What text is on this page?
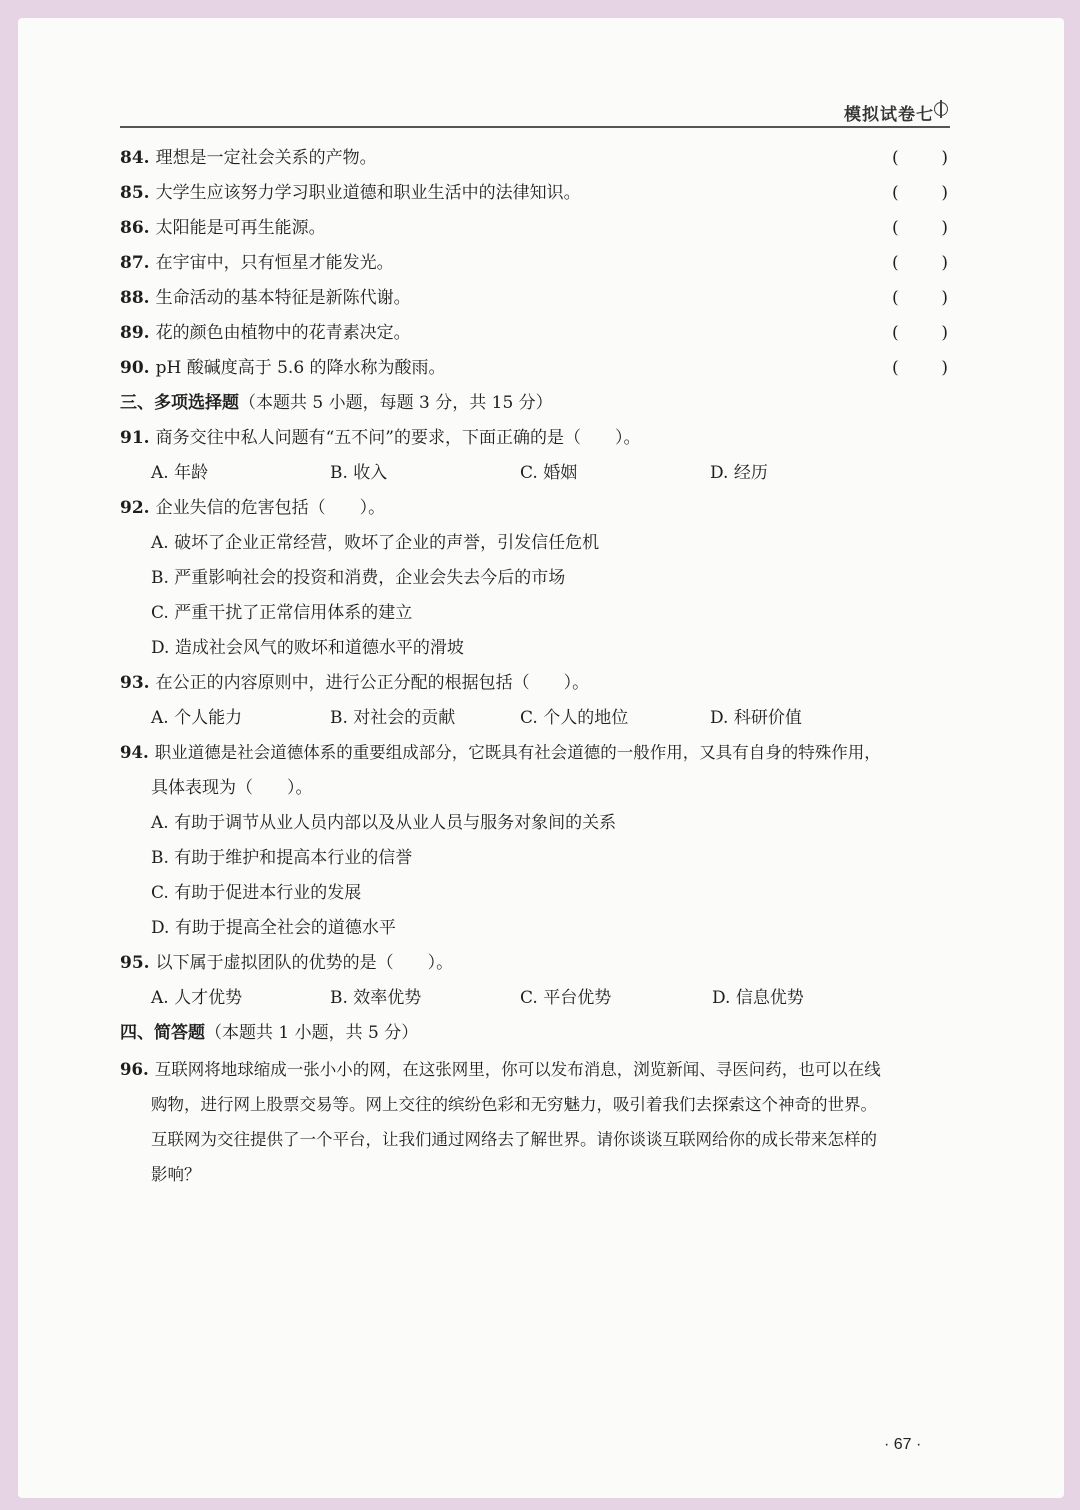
模拟试卷七
84. 理想是一定社会关系的产物。	(	)
85. 大学生应该努力学习职业道德和职业生活中的法律知识。	(	)
86. 太阳能是可再生能源。	(	)
87. 在宇宙中，只有恒星才能发光。	(	)
88. 生命活动的基本特征是新陈代谢。	(	)
89. 花的颜色由植物中的花青素决定。	(	)
90. pH 酸碱度高于 5.6 的降水称为酸雨。	(	)
三、多项选择题（本题共 5 小题，每题 3 分，共 15 分）
91. 商务交往中私人问题有“五不问”的要求，下面正确的是（　　）。
A. 年龄	B. 收入	C. 婚姻	D. 经历
92. 企业失信的危害包括（　　）。
A. 破坏了企业正常经营，败坏了企业的声誉，引发信任危机
B. 严重影响社会的投资和消费，企业会失去今后的市场
C. 严重干扰了正常信用体系的建立
D. 造成社会风气的败坏和道德水平的滑坡
93. 在公正的内容原则中，进行公正分配的根据包括（　　）。
A. 个人能力	B. 对社会的贡献	C. 个人的地位	D. 科研价值
94. 职业道德是社会道德体系的重要组成部分，它既具有社会道德的一般作用，又具有自身的特殊作用，
具体表现为（　　）。
A. 有助于调节从业人员内部以及从业人员与服务对象间的关系
B. 有助于维护和提高本行业的信誉
C. 有助于促进本行业的发展
D. 有助于提高全社会的道德水平
95. 以下属于虚拟团队的优势的是（　　）。
A. 人才优势	B. 效率优势	C. 平台优势	D. 信息优势
四、简答题（本题共 1 小题，共 5 分）
96. 互联网将地球缩成一张小小的网，在这张网里，你可以发布消息，浏览新闻、寻医问药，也可以在线
购物，进行网上股票交易等。网上交往的缤纷色彩和无穷魅力，吸引着我们去探索这个神奇的世界。
互联网为交往提供了一个平台，让我们通过网络去了解世界。请你谈谈互联网给你的成长带来怎样的
影响？
· 67 ·
